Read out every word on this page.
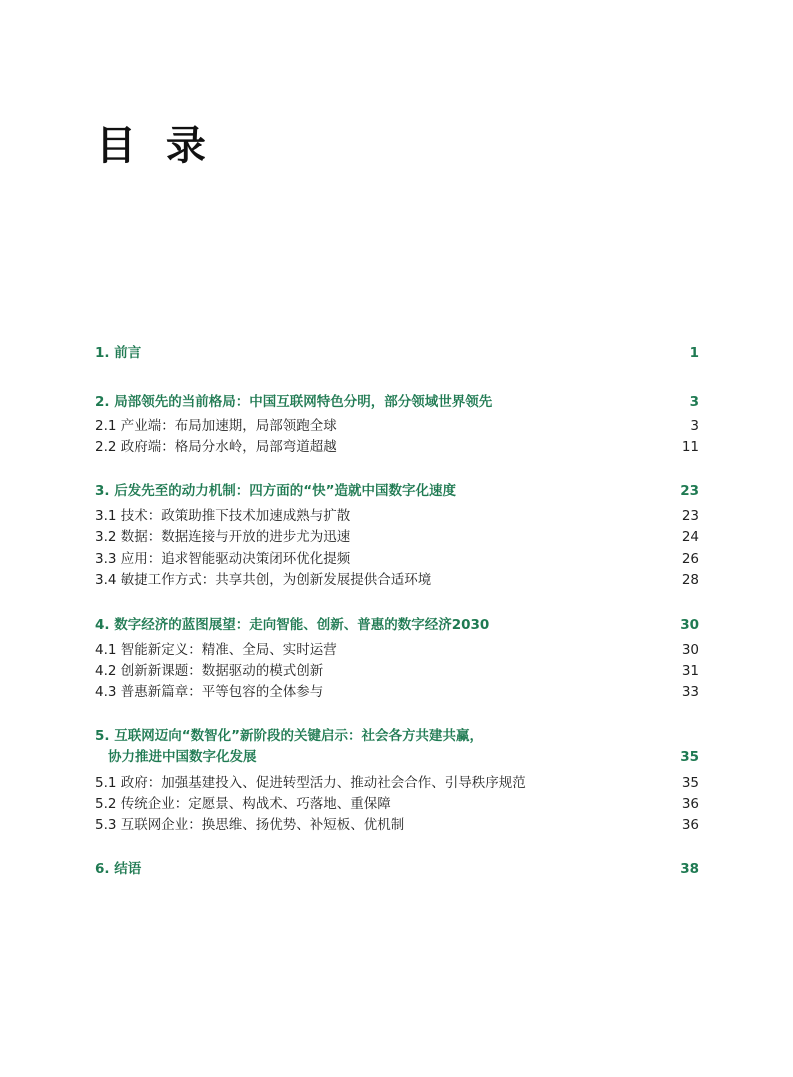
目 录
1. 前言	1
2. 局部领先的当前格局：中国互联网特色分明，部分领域世界领先	3
2.1 产业端：布局加速期，局部领跑全球	3
2.2 政府端：格局分水岭，局部弯道超越	11
3. 后发先至的动力机制：四方面的“快”造就中国数字化速度	23
3.1 技术：政策助推下技术加速成熟与扩散	23
3.2 数据：数据连接与开放的进步尤为迅速	24
3.3 应用：追求智能驱动决策闭环优化提频	26
3.4 敏捷工作方式：共享共创，为创新发展提供合适环境	28
4. 数字经济的蓝图展望：走向智能、创新、普惠的数字经济2030	30
4.1 智能新定义：精准、全局、实时运营	30
4.2 创新新课题：数据驱动的模式创新	31
4.3 普惠新篇章：平等包容的全体参与	33
5. 互联网迈向“数智化”新阶段的关键启示：社会各方共建共赢，
协力推进中国数字化发展	35
5.1 政府：加强基建投入、促进转型活力、推动社会合作、引导秩序规范	35
5.2 传统企业：定愿景、构战术、巧落地、重保障	36
5.3 互联网企业：换思维、扬优势、补短板、优机制	36
6. 结语	38
